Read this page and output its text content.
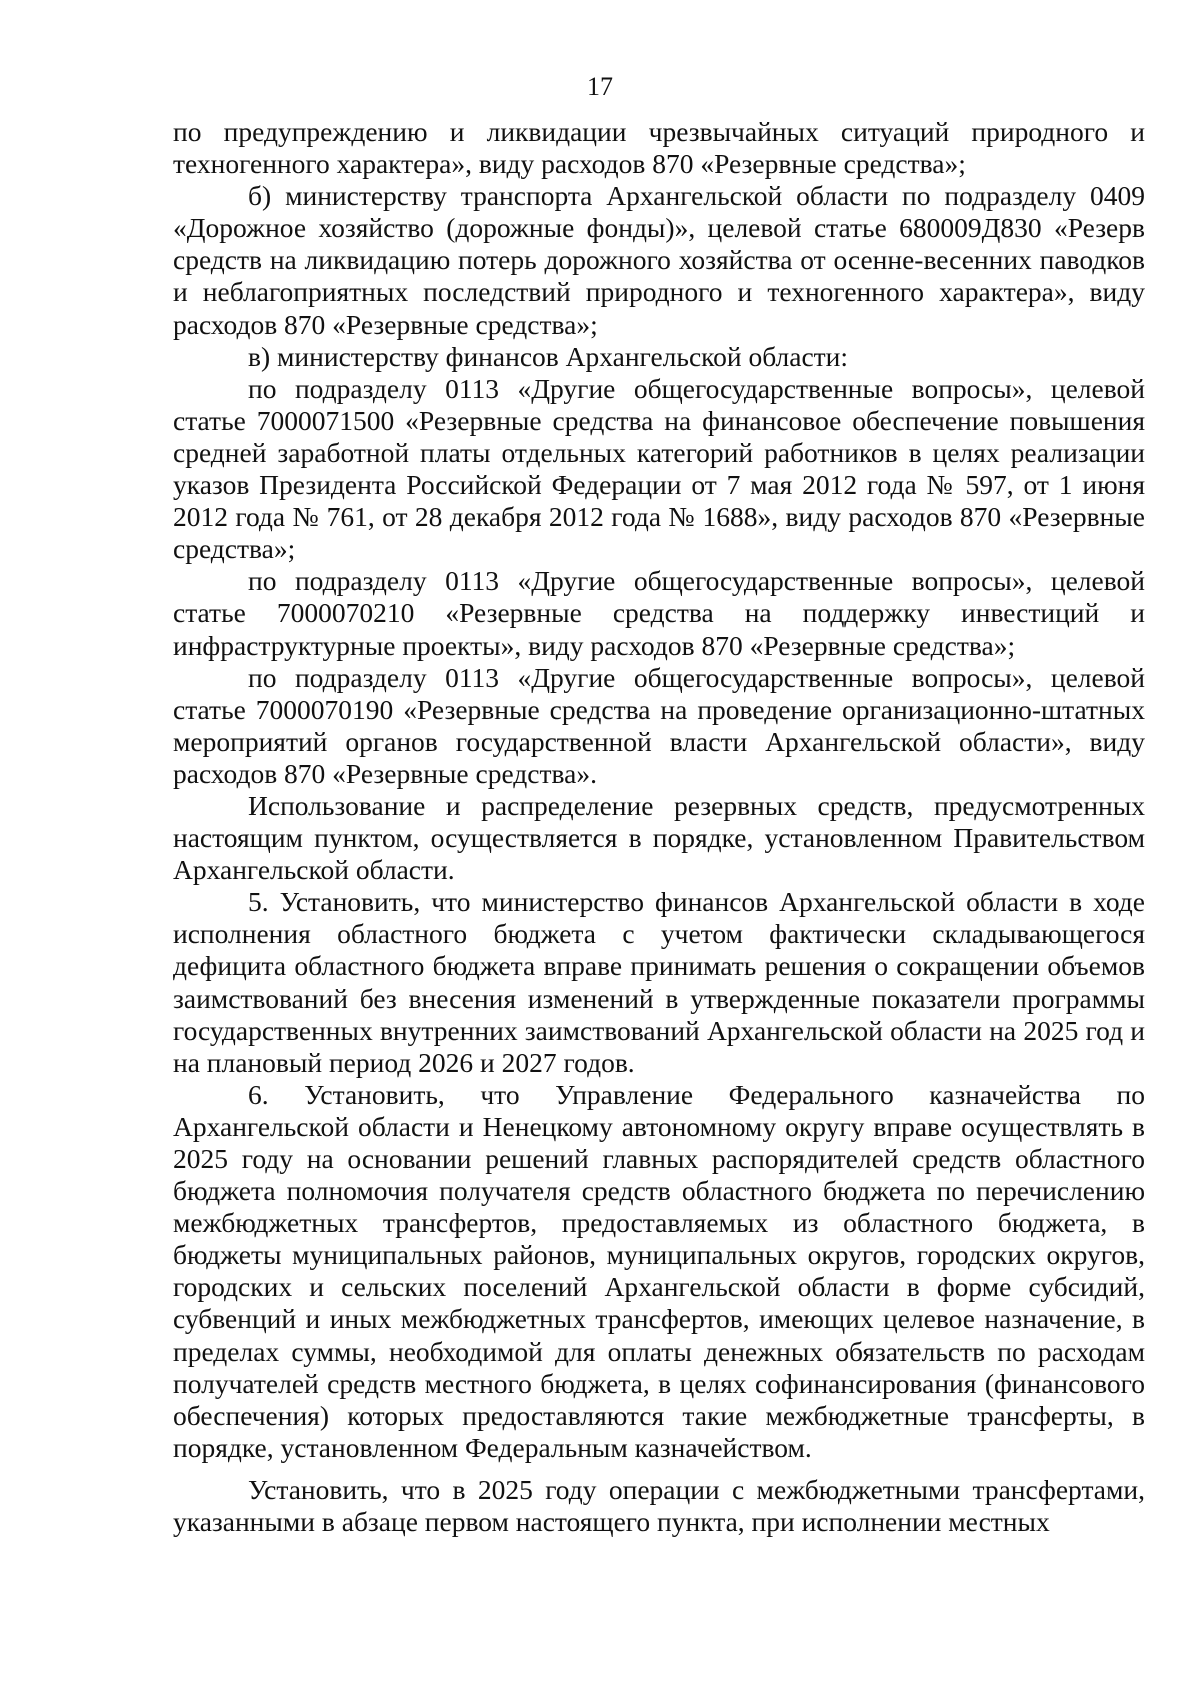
17

по предупреждению и ликвидации чрезвычайных ситуаций природного и техногенного характера», виду расходов 870 «Резервные средства»;

б) министерству транспорта Архангельской области по подразделу 0409 «Дорожное хозяйство (дорожные фонды)», целевой статье 680009Д830 «Резерв средств на ликвидацию потерь дорожного хозяйства от осенне-весенних паводков и неблагоприятных последствий природного и техногенного характера», виду расходов 870 «Резервные средства»;

в) министерству финансов Архангельской области:

по подразделу 0113 «Другие общегосударственные вопросы», целевой статье 7000071500 «Резервные средства на финансовое обеспечение повышения средней заработной платы отдельных категорий работников в целях реализации указов Президента Российской Федерации от 7 мая 2012 года № 597, от 1 июня 2012 года № 761, от 28 декабря 2012 года № 1688», виду расходов 870 «Резервные средства»;

по подразделу 0113 «Другие общегосударственные вопросы», целевой статье 7000070210 «Резервные средства на поддержку инвестиций и инфраструктурные проекты», виду расходов 870 «Резервные средства»;

по подразделу 0113 «Другие общегосударственные вопросы», целевой статье 7000070190 «Резервные средства на проведение организационно-штатных мероприятий органов государственной власти Архангельской области», виду расходов 870 «Резервные средства».

Использование и распределение резервных средств, предусмотренных настоящим пунктом, осуществляется в порядке, установленном Правительством Архангельской области.

5. Установить, что министерство финансов Архангельской области в ходе исполнения областного бюджета с учетом фактически складывающегося дефицита областного бюджета вправе принимать решения о сокращении объемов заимствований без внесения изменений в утвержденные показатели программы государственных внутренних заимствований Архангельской области на 2025 год и на плановый период 2026 и 2027 годов.

6. Установить, что Управление Федерального казначейства по Архангельской области и Ненецкому автономному округу вправе осуществлять в 2025 году на основании решений главных распорядителей средств областного бюджета полномочия получателя средств областного бюджета по перечислению межбюджетных трансфертов, предоставляемых из областного бюджета, в бюджеты муниципальных районов, муниципальных округов, городских округов, городских и сельских поселений Архангельской области в форме субсидий, субвенций и иных межбюджетных трансфертов, имеющих целевое назначение, в пределах суммы, необходимой для оплаты денежных обязательств по расходам получателей средств местного бюджета, в целях софинансирования (финансового обеспечения) которых предоставляются такие межбюджетные трансферты, в порядке, установленном Федеральным казначейством.

Установить, что в 2025 году операции с межбюджетными трансфертами, указанными в абзаце первом настоящего пункта, при исполнении местных
